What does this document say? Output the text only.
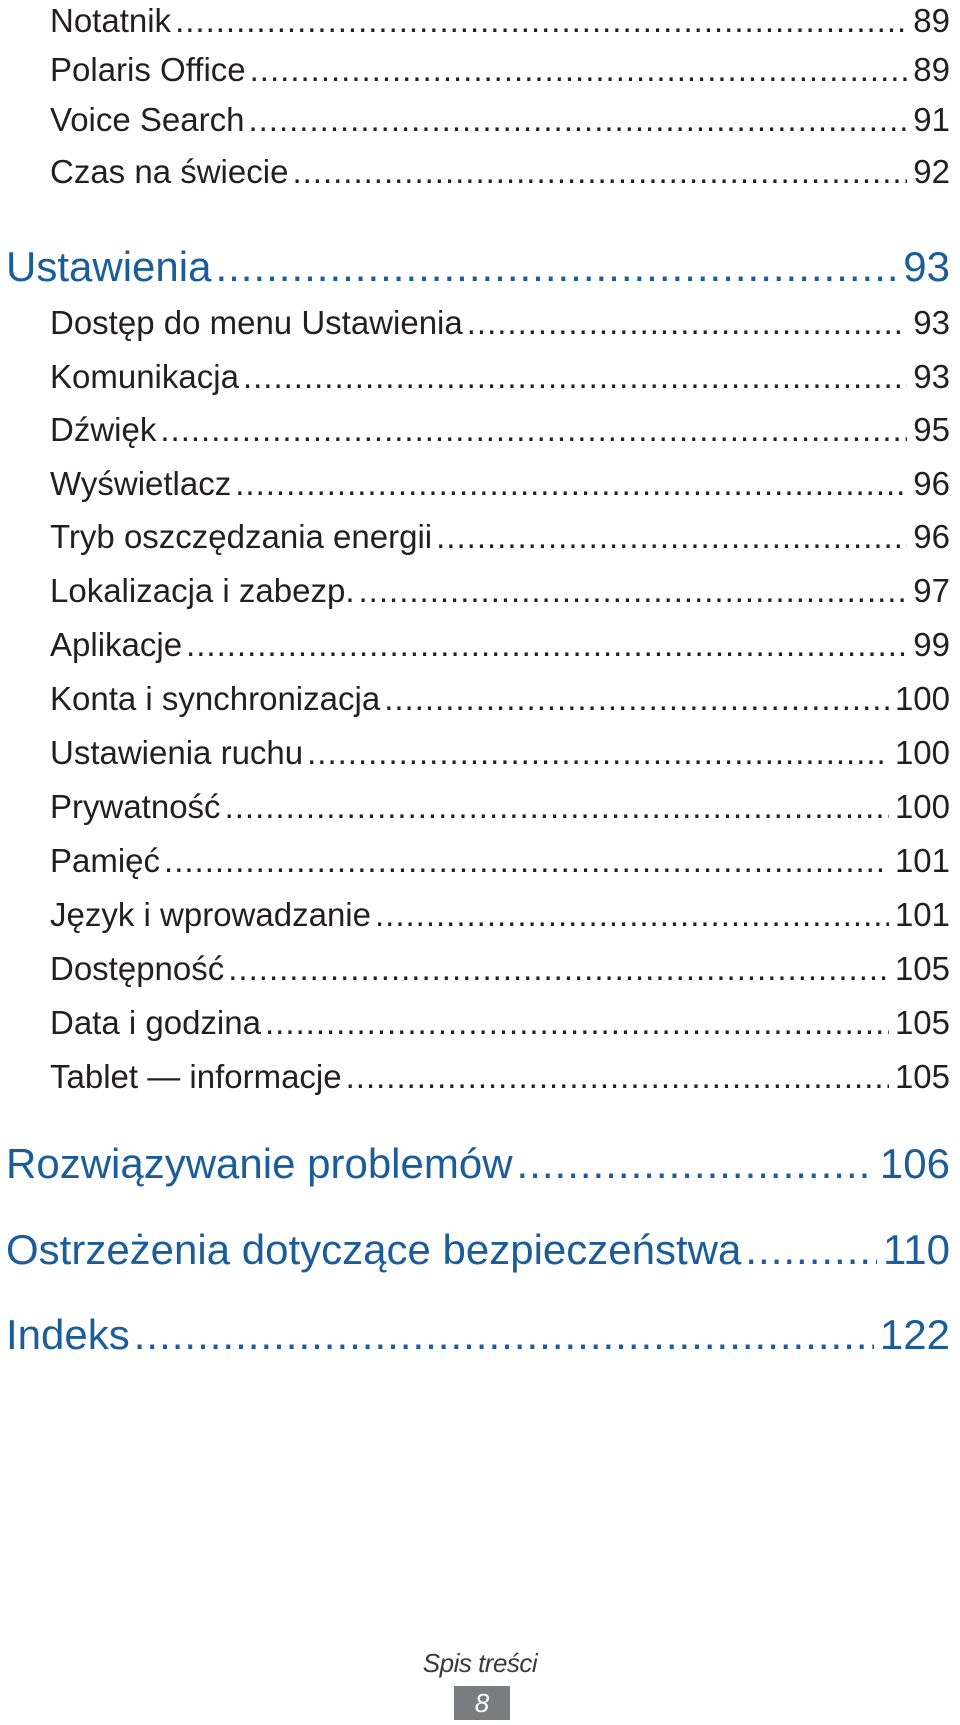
Notatnik .....	89
Polaris Office .....	89
Voice Search .....	91
Czas na świecie .....	92
Ustawienia .....	93
Dostęp do menu Ustawienia .....	93
Komunikacja .....	93
Dźwięk .....	95
Wyświetlacz .....	96
Tryb oszczędzania energii .....	96
Lokalizacja i zabezp. .....	97
Aplikacje .....	99
Konta i synchronizacja .....	100
Ustawienia ruchu .....	100
Prywatność .....	100
Pamięć .....	101
Język i wprowadzanie .....	101
Dostępność .....	105
Data i godzina .....	105
Tablet — informacje .....	105
Rozwiązywanie problemów .....	106
Ostrzeżenia dotyczące bezpieczeństwa .....	110
Indeks .....	122
Spis treści
8
